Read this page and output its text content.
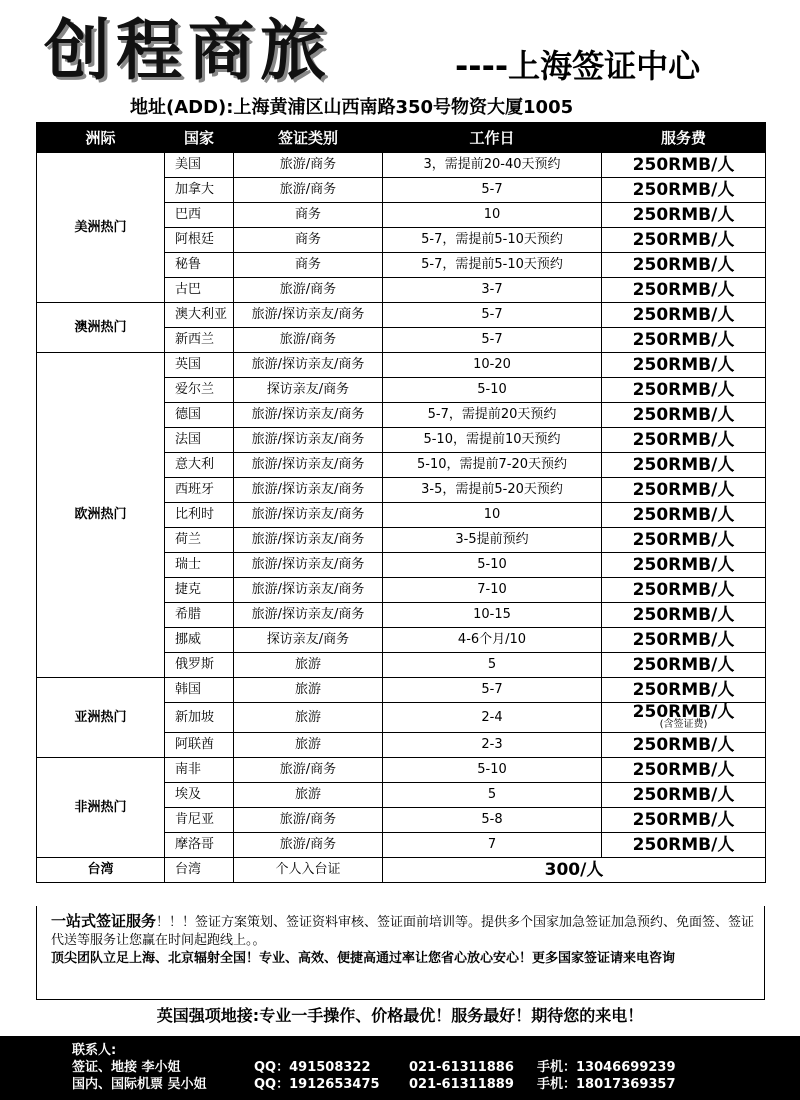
创程商旅	----上海签证中心
地址(ADD):上海黄浦区山西南路350号物资大厦1005
洲际	国家	签证类别	工作日	服务费
美洲热门	美国	旅游/商务	3，需提前20-40天预约	250RMB/人
	加拿大	旅游/商务	5-7	250RMB/人
	巴西	商务	10	250RMB/人
	阿根廷	商务	5-7，需提前5-10天预约	250RMB/人
	秘鲁	商务	5-7，需提前5-10天预约	250RMB/人
	古巴	旅游/商务	3-7	250RMB/人
澳洲热门	澳大利亚	旅游/探访亲友/商务	5-7	250RMB/人
	新西兰	旅游/商务	5-7	250RMB/人
欧洲热门	英国	旅游/探访亲友/商务	10-20	250RMB/人
	爱尔兰	探访亲友/商务	5-10	250RMB/人
	德国	旅游/探访亲友/商务	5-7，需提前20天预约	250RMB/人
	法国	旅游/探访亲友/商务	5-10，需提前10天预约	250RMB/人
	意大利	旅游/探访亲友/商务	5-10，需提前7-20天预约	250RMB/人
	西班牙	旅游/探访亲友/商务	3-5，需提前5-20天预约	250RMB/人
	比利时	旅游/探访亲友/商务	10	250RMB/人
	荷兰	旅游/探访亲友/商务	3-5提前预约	250RMB/人
	瑞士	旅游/探访亲友/商务	5-10	250RMB/人
	捷克	旅游/探访亲友/商务	7-10	250RMB/人
	希腊	旅游/探访亲友/商务	10-15	250RMB/人
	挪威	探访亲友/商务	4-6个月/10	250RMB/人
	俄罗斯	旅游	5	250RMB/人
亚洲热门	韩国	旅游	5-7	250RMB/人
	新加坡	旅游	2-4	250RMB/人
(含签证费)

	阿联酋	旅游	2-3	250RMB/人
非洲热门	南非	旅游/商务	5-10	250RMB/人
	埃及	旅游	5	250RMB/人
	肯尼亚	旅游/商务	5-8	250RMB/人
	摩洛哥	旅游/商务	7	250RMB/人
台湾	台湾	个人入台证	300/人	
一站式签证服务！！！签证方案策划、签证资料审核、签证面前培训等。提供多个国家加急签证加急预约、免面签、签证代送等服务让您赢在时间起跑线上。。
顶尖团队立足上海、北京辐射全国！专业、高效、便捷高通过率让您省心放心安心！更多国家签证请来电咨询
英国强项地接:专业一手操作、价格最优！服务最好！期待您的来电！
联系人:
签证、地接 李小姐	QQ：491508322	021-61311886	手机：13046699239
国内、国际机票 吴小姐	QQ：1912653475	021-61311889	手机：18017369357
